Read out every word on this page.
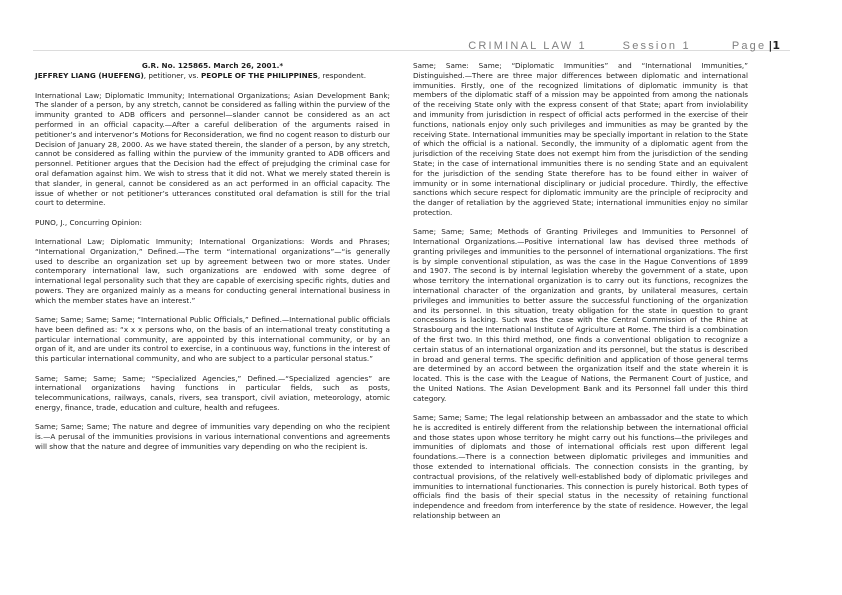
CRIMINAL LAW 1	Session 1	Page |1

G.R. No. 125865. March 26, 2001.*

JEFFREY LIANG (HUEFENG), petitioner, vs. PEOPLE OF THE PHILIPPINES, respondent.

International Law; Diplomatic Immunity; International Organizations; Asian Development Bank; The slander of a person, by any stretch, cannot be considered as falling within the purview of the immunity granted to ADB officers and personnel—slander cannot be considered as an act performed in an official capacity.—After a careful deliberation of the arguments raised in petitioner’s and intervenor’s Motions for Reconsideration, we find no cogent reason to disturb our Decision of January 28, 2000. As we have stated therein, the slander of a person, by any stretch, cannot be considered as falling within the purview of the immunity granted to ADB officers and personnel. Petitioner argues that the Decision had the effect of prejudging the criminal case for oral defamation against him. We wish to stress that it did not. What we merely stated therein is that slander, in general, cannot be considered as an act performed in an official capacity. The issue of whether or not petitioner’s utterances constituted oral defamation is still for the trial court to determine.

PUNO, J., Concurring Opinion:

International Law; Diplomatic Immunity; International Organizations: Words and Phrases; “International Organization,” Defined.—The term “international organizations”—“is generally used to describe an organization set up by agreement between two or more states. Under contemporary international law, such organizations are endowed with some degree of international legal personality such that they are capable of exercising specific rights, duties and powers. They are organized mainly as a means for conducting general international business in which the member states have an interest.”

Same; Same; Same; Same; “International Public Officials,” Defined.—International public officials have been defined as: “x x x persons who, on the basis of an international treaty constituting a particular international community, are appointed by this international community, or by an organ of it, and are under its control to exercise, in a continuous way, functions in the interest of this particular international community, and who are subject to a particular personal status.”

Same; Same; Same; Same; “Specialized Agencies,” Defined.—“Specialized agencies” are international organizations having functions in particular fields, such as posts, telecommunications, railways, canals, rivers, sea transport, civil aviation, meteorology, atomic energy, finance, trade, education and culture, health and refugees.

Same; Same; Same; The nature and degree of immunities vary depending on who the recipient is.—A perusal of the immunities provisions in various international conventions and agreements will show that the nature and degree of immunities vary depending on who the recipient is.

Same; Same: Same; “Diplomatic Immunities” and “International Immunities,” Distinguished.—There are three major differences between diplomatic and international immunities. Firstly, one of the recognized limitations of diplomatic immunity is that members of the diplomatic staff of a mission may be appointed from among the nationals of the receiving State only with the express consent of that State; apart from inviolability and immunity from jurisdiction in respect of official acts performed in the exercise of their functions, nationals enjoy only such privileges and immunities as may be granted by the receiving State. International immunities may be specially important in relation to the State of which the official is a national. Secondly, the immunity of a diplomatic agent from the jurisdiction of the receiving State does not exempt him from the jurisdiction of the sending State; in the case of international immunities there is no sending State and an equivalent for the jurisdiction of the sending State therefore has to be found either in waiver of immunity or in some international disciplinary or judicial procedure. Thirdly, the effective sanctions which secure respect for diplomatic immunity are the principle of reciprocity and the danger of retaliation by the aggrieved State; international immunities enjoy no similar protection.

Same; Same; Same; Methods of Granting Privileges and Immunities to Personnel of International Organizations.—Positive international law has devised three methods of granting privileges and immunities to the personnel of international organizations. The first is by simple conventional stipulation, as was the case in the Hague Conventions of 1899 and 1907. The second is by internal legislation whereby the government of a state, upon whose territory the international organization is to carry out its functions, recognizes the international character of the organization and grants, by unilateral measures, certain privileges and immunities to better assure the successful functioning of the organization and its personnel. In this situation, treaty obligation for the state in question to grant concessions is lacking. Such was the case with the Central Commission of the Rhine at Strasbourg and the International Institute of Agriculture at Rome. The third is a combination of the first two. In this third method, one finds a conventional obligation to recognize a certain status of an international organization and its personnel, but the status is described in broad and general terms. The specific definition and application of those general terms are determined by an accord between the organization itself and the state wherein it is located. This is the case with the League of Nations, the Permanent Court of Justice, and the United Nations. The Asian Development Bank and its Personnel fall under this third category.

Same; Same; Same; The legal relationship between an ambassador and the state to which he is accredited is entirely different from the relationship between the international official and those states upon whose territory he might carry out his functions—the privileges and immunities of diplomats and those of international officials rest upon different legal foundations.—There is a connection between diplomatic privileges and immunities and those extended to international officials. The connection consists in the granting, by contractual provisions, of the relatively well-established body of diplomatic privileges and immunities to international functionaries. This connection is purely historical. Both types of officials find the basis of their special status in the necessity of retaining functional independence and freedom from interference by the state of residence. However, the legal relationship between an
